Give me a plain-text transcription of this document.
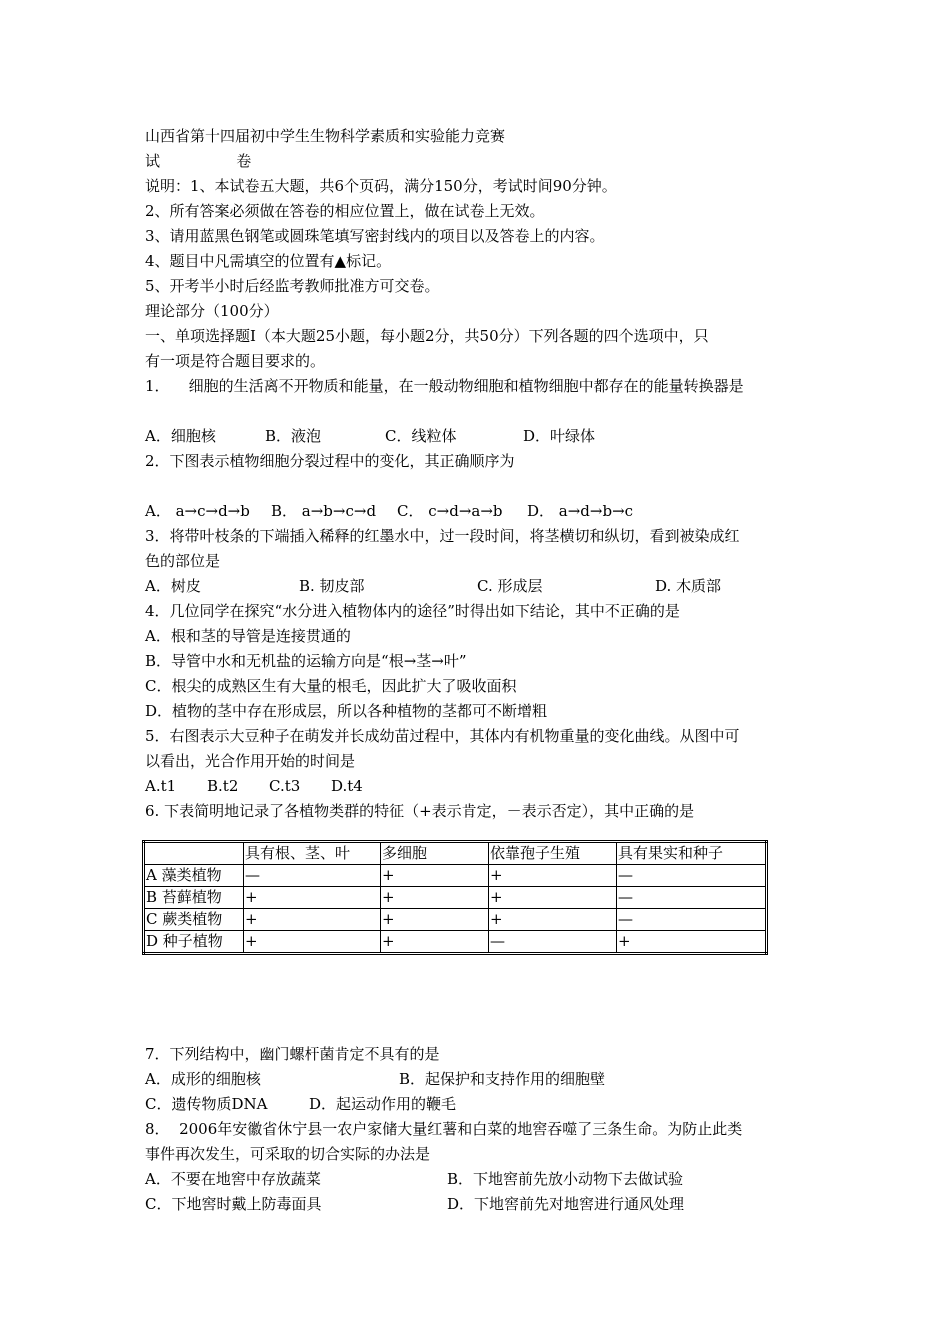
山西省第十四届初中学生生物科学素质和实验能力竞赛
试                卷
说明：1、本试卷五大题，共6个页码，满分150分，考试时间90分钟。
2、所有答案必须做在答卷的相应位置上，做在试卷上无效。
3、请用蓝黑色钢笔或圆珠笔填写密封线内的项目以及答卷上的内容。
4、题目中凡需填空的位置有▲标记。
5、开考半小时后经监考教师批准方可交卷。
理论部分（100分）
一、单项选择题Ⅰ（本大题25小题，每小题2分，共50分）下列各题的四个选项中，只
有一项是符合题目要求的。
1．    细胞的生活离不开物质和能量，在一般动物细胞和植物细胞中都存在的能量转换器是
A．细胞核	B．液泡	C．线粒体	D．叶绿体
2．下图表示植物细胞分裂过程中的变化，其正确顺序为
A． a→c→d→b	B． a→b→c→d	C． c→d→a→b	D． a→d→b→c
3．将带叶枝条的下端插入稀释的红墨水中，过一段时间，将茎横切和纵切，看到被染成红
色的部位是
A．树皮	B. 韧皮部	C. 形成层	D. 木质部
4．几位同学在探究“水分进入植物体内的途径”时得出如下结论，其中不正确的是
A．根和茎的导管是连接贯通的
B．导管中水和无机盐的运输方向是“根→茎→叶”
C．根尖的成熟区生有大量的根毛，因此扩大了吸收面积
D．植物的茎中存在形成层，所以各种植物的茎都可不断增粗
5．右图表示大豆种子在萌发并长成幼苗过程中，其体内有机物重量的变化曲线。从图中可
以看出，光合作用开始的时间是
A.t1	B.t2	C.t3	D.t4
6. 下表简明地记录了各植物类群的特征（+表示肯定，－表示否定），其中正确的是
	具有根、茎、叶	多细胞	依靠孢子生殖	具有果实和种子
A 藻类植物	—	+	+	—
B 苔藓植物	+	+	+	—
C 蕨类植物	+	+	+	—
D 种子植物	+	+	—	+
7．下列结构中，幽门螺杆菌肯定不具有的是
A．成形的细胞核	B．起保护和支持作用的细胞壁
C．遗传物质DNA	D．起运动作用的鞭毛
8．  2006年安徽省休宁县一农户家储大量红薯和白菜的地窖吞噬了三条生命。为防止此类
事件再次发生，可采取的切合实际的办法是
A．不要在地窖中存放蔬菜	B．下地窖前先放小动物下去做试验
C．下地窖时戴上防毒面具	D．下地窖前先对地窖进行通风处理
